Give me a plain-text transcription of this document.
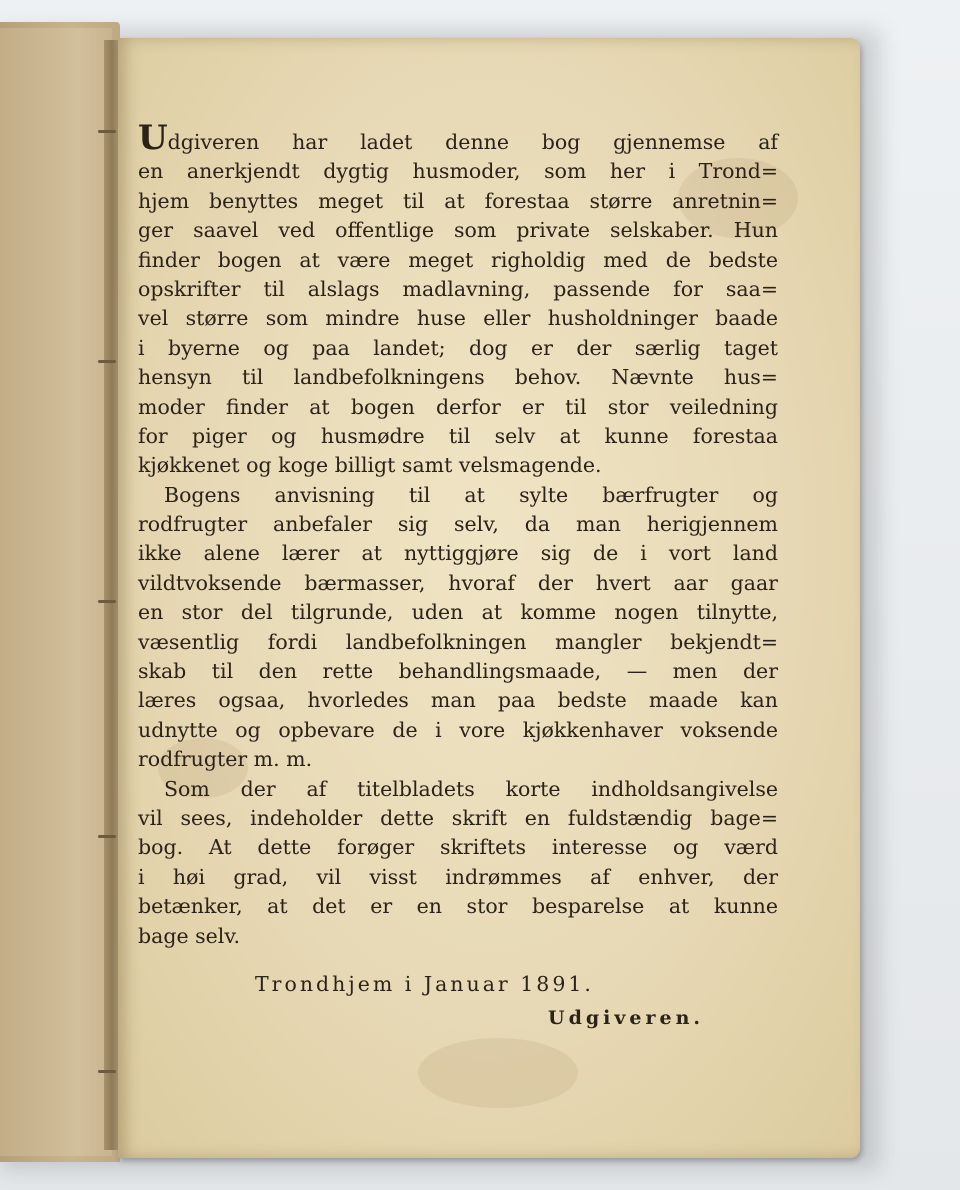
Udgiveren har ladet denne bog gjennemse af
en anerkjendt dygtig husmoder, som her i Trond=
hjem benyttes meget til at forestaa større anretnin=
ger saavel ved offentlige som private selskaber. Hun
finder bogen at være meget righoldig med de bedste
opskrifter til alslags madlavning, passende for saa=
vel større som mindre huse eller husholdninger baade
i byerne og paa landet; dog er der særlig taget
hensyn til landbefolkningens behov. Nævnte hus=
moder finder at bogen derfor er til stor veiledning
for piger og husmødre til selv at kunne forestaa
kjøkkenet og koge billigt samt velsmagende.
Bogens anvisning til at sylte bærfrugter og
rodfrugter anbefaler sig selv, da man herigjennem
ikke alene lærer at nyttiggjøre sig de i vort land
vildtvoksende bærmasser, hvoraf der hvert aar gaar
en stor del tilgrunde, uden at komme nogen tilnytte,
væsentlig fordi landbefolkningen mangler bekjendt=
skab til den rette behandlingsmaade, — men der
læres ogsaa, hvorledes man paa bedste maade kan
udnytte og opbevare de i vore kjøkkenhaver voksende
rodfrugter m. m.
Som der af titelbladets korte indholdsangivelse
vil sees, indeholder dette skrift en fuldstændig bage=
bog. At dette forøger skriftets interesse og værd
i høi grad, vil visst indrømmes af enhver, der
betænker, at det er en stor besparelse at kunne
bage selv.
Trondhjem i Januar 1891.
Udgiveren.
